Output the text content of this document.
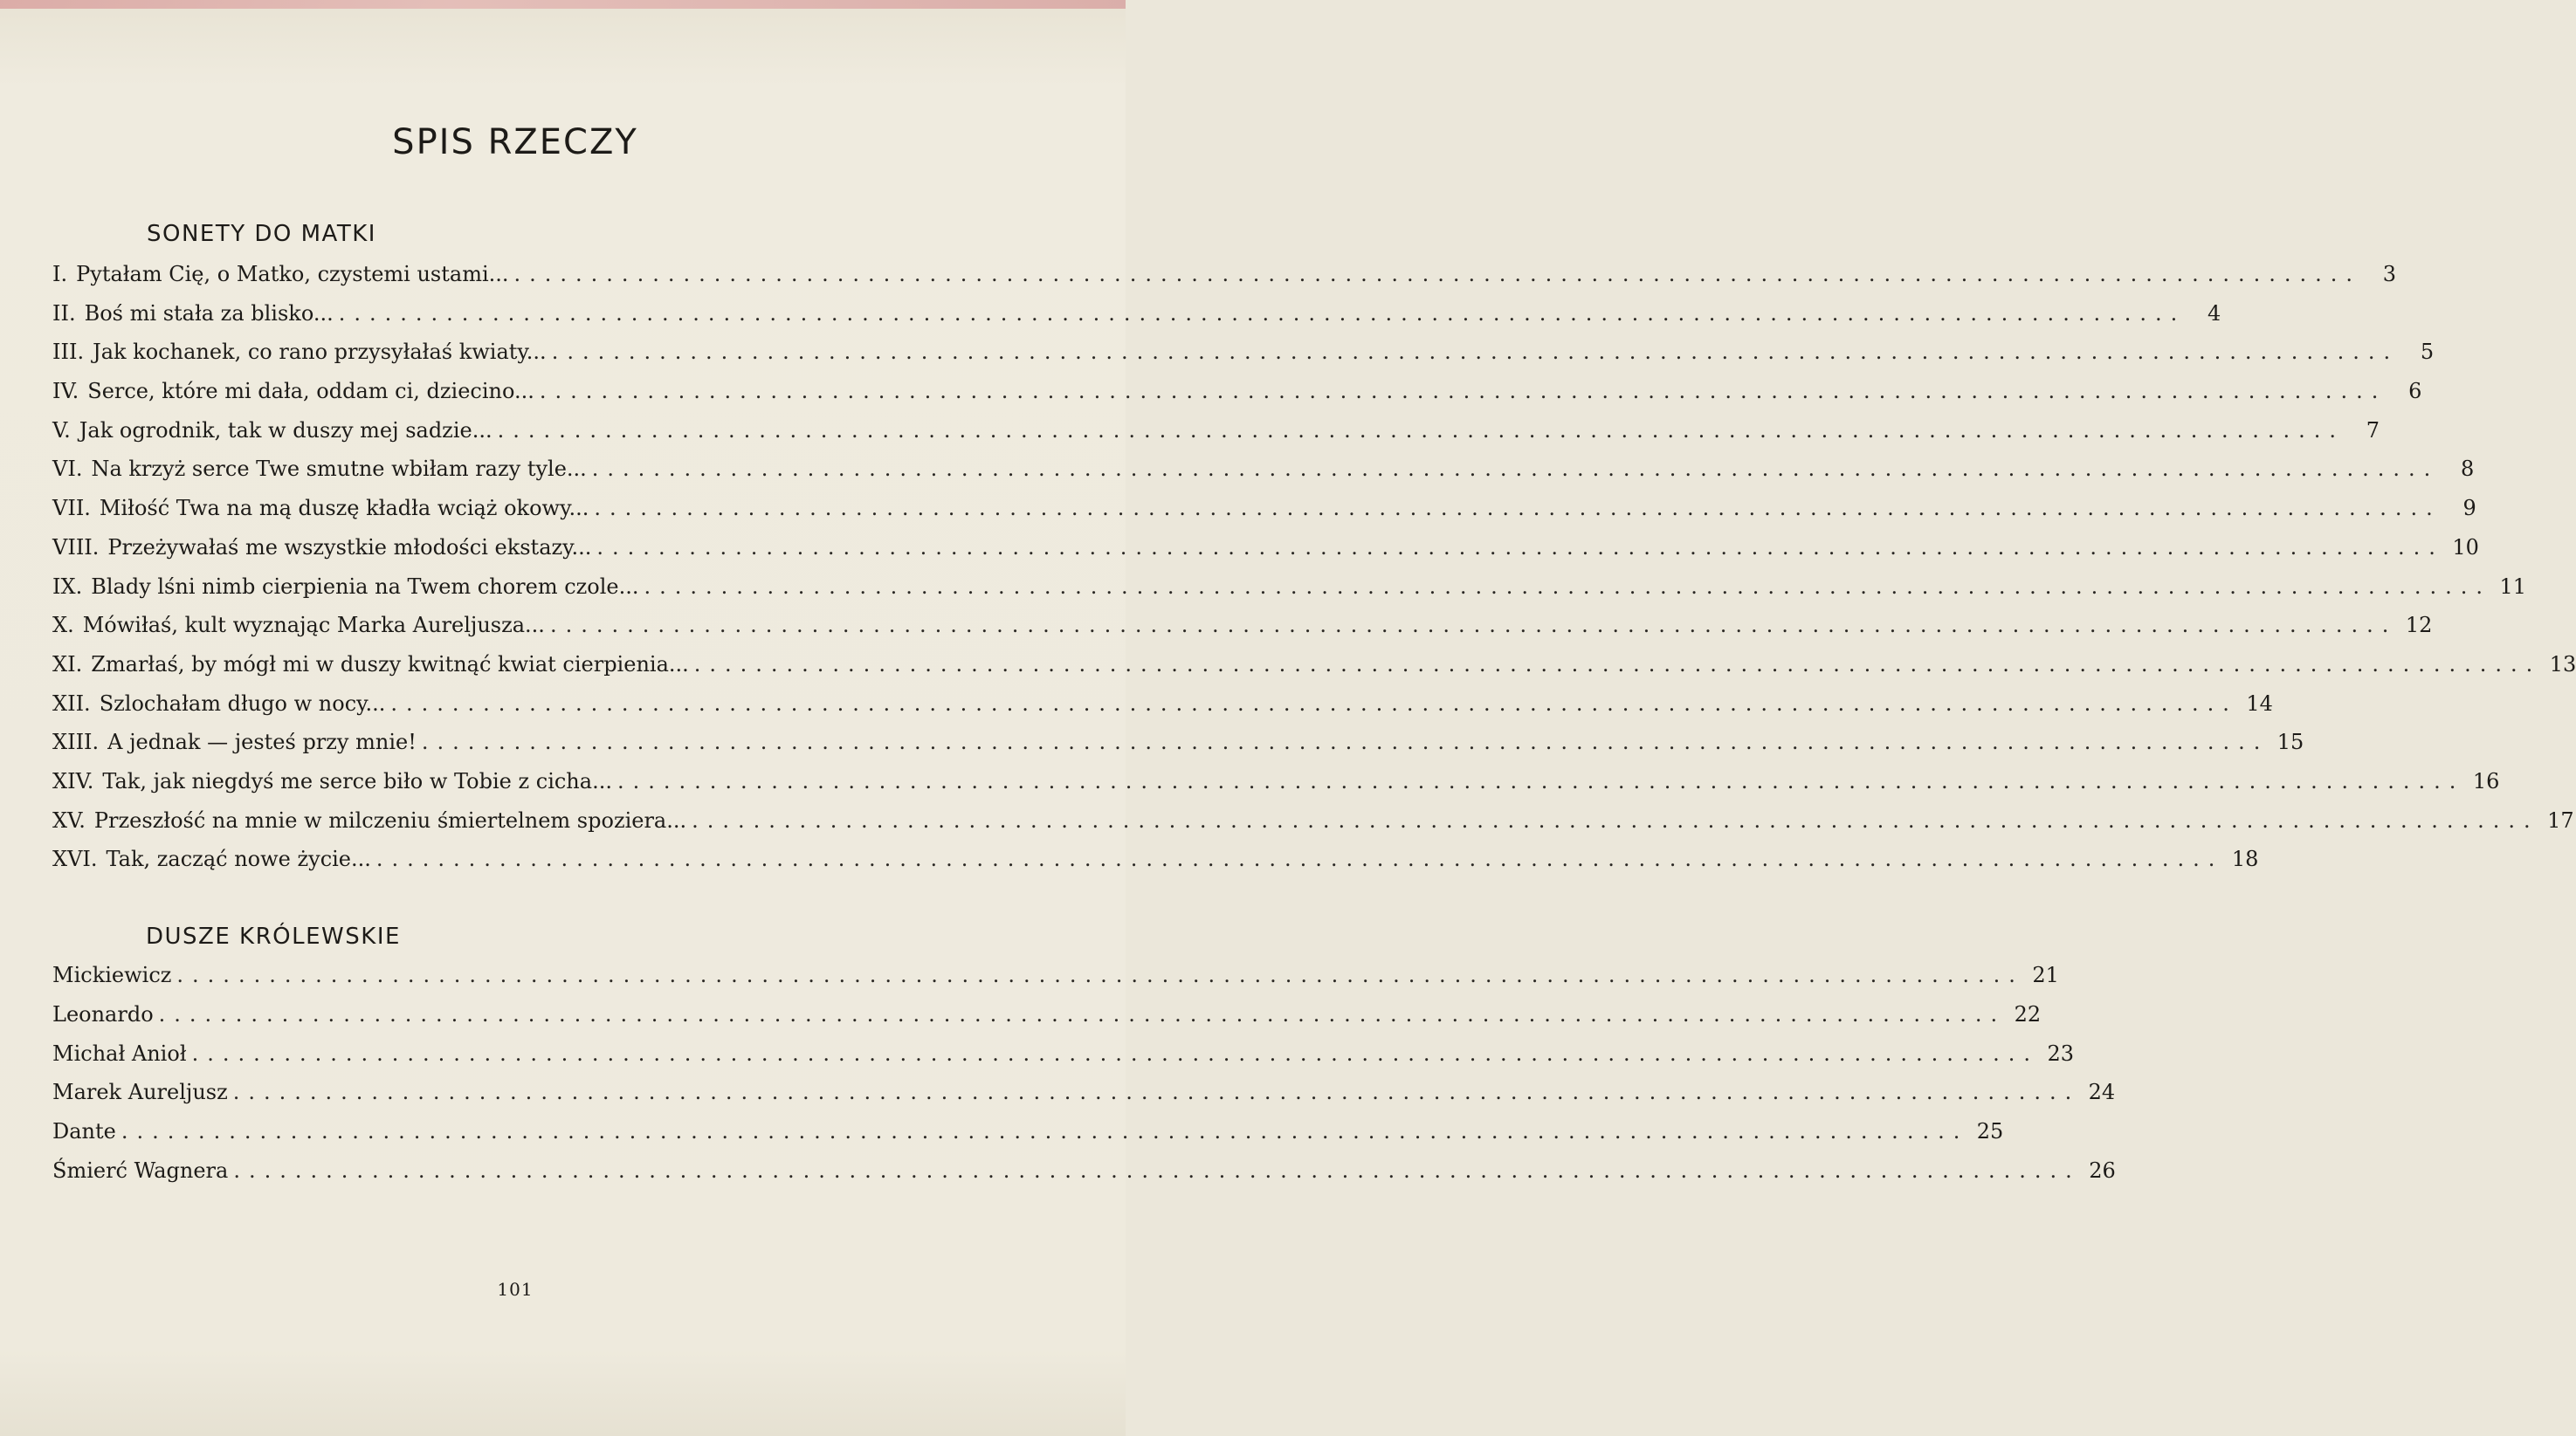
SPIS RZECZY
SONETY DO MATKI
I. Pytałam Cię, o Matko, czystemi ustami... ........................................................................................................................	3
II. Boś mi stała za blisko... ........................................................................................................................	4
III. Jak kochanek, co rano przysyłałaś kwiaty... ........................................................................................................................	5
IV. Serce, które mi dała, oddam ci, dziecino... ........................................................................................................................	6
V. Jak ogrodnik, tak w duszy mej sadzie... ........................................................................................................................	7
VI. Na krzyż serce Twe smutne wbiłam razy tyle... ........................................................................................................................	8
VII. Miłość Twa na mą duszę kładła wciąż okowy... ........................................................................................................................	9
VIII. Przeżywałaś me wszystkie młodości ekstazy... ........................................................................................................................ 10
IX. Blady lśni nimb cierpienia na Twem chorem czole... ........................................................................................................................ 11
X. Mówiłaś, kult wyznając Marka Aureljusza... ........................................................................................................................ 12
XI. Zmarłaś, by mógł mi w duszy kwitnąć kwiat cierpienia... ........................................................................................................................ 13
XII. Szlochałam długo w nocy... ........................................................................................................................ 14
XIII. A jednak — jesteś przy mnie! ........................................................................................................................ 15
XIV. Tak, jak niegdyś me serce biło w Tobie z cicha... ........................................................................................................................ 16
XV. Przeszłość na mnie w milczeniu śmiertelnem spoziera... ........................................................................................................................ 17
XVI. Tak, zacząć nowe życie... ........................................................................................................................ 18
DUSZE KRÓLEWSKIE
Mickiewicz ........................................................................................................................ 21
Leonardo ........................................................................................................................ 22
Michał Anioł ........................................................................................................................ 23
Marek Aureljusz ........................................................................................................................ 24
Dante ........................................................................................................................ 25
Śmierć Wagnera ........................................................................................................................ 26
101
